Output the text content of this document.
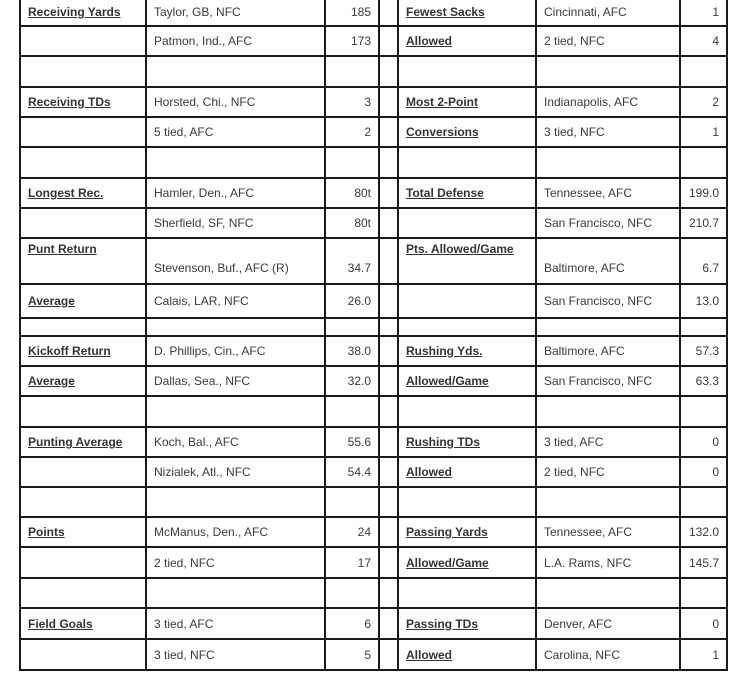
Receiving Yards	Taylor, GB, NFC	185		Fewest Sacks	Cincinnati, AFC	1
	Patmon, Ind., AFC	173		Allowed	2 tied, NFC	4

Receiving TDs	Horsted, Chi., NFC	3		Most 2-Point	Indianapolis, AFC	2
	5 tied, AFC	2		Conversions	3 tied, NFC	1

Longest Rec.	Hamler, Den., AFC	80t		Total Defense	Tennessee, AFC	199.0
	Sherfield, SF, NFC	80t			San Francisco, NFC	210.7
Punt Return	Stevenson, Buf., AFC (R)	34.7		Pts. Allowed/Game	Baltimore, AFC	6.7
Average	Calais, LAR, NFC	26.0			San Francisco, NFC	13.0

Kickoff Return	D. Phillips, Cin., AFC	38.0		Rushing Yds.	Baltimore, AFC	57.3
Average	Dallas, Sea., NFC	32.0		Allowed/Game	San Francisco, NFC	63.3

Punting Average	Koch, Bal., AFC	55.6		Rushing TDs	3 tied, AFC	0
	Nizialek, Atl., NFC	54.4		Allowed	2 tied, NFC	0

Points	McManus, Den., AFC	24		Passing Yards	Tennessee, AFC	132.0
	2 tied, NFC	17		Allowed/Game	L.A. Rams, NFC	145.7

Field Goals	3 tied, AFC	6		Passing TDs	Denver, AFC	0
	3 tied, NFC	5		Allowed	Carolina, NFC	1
